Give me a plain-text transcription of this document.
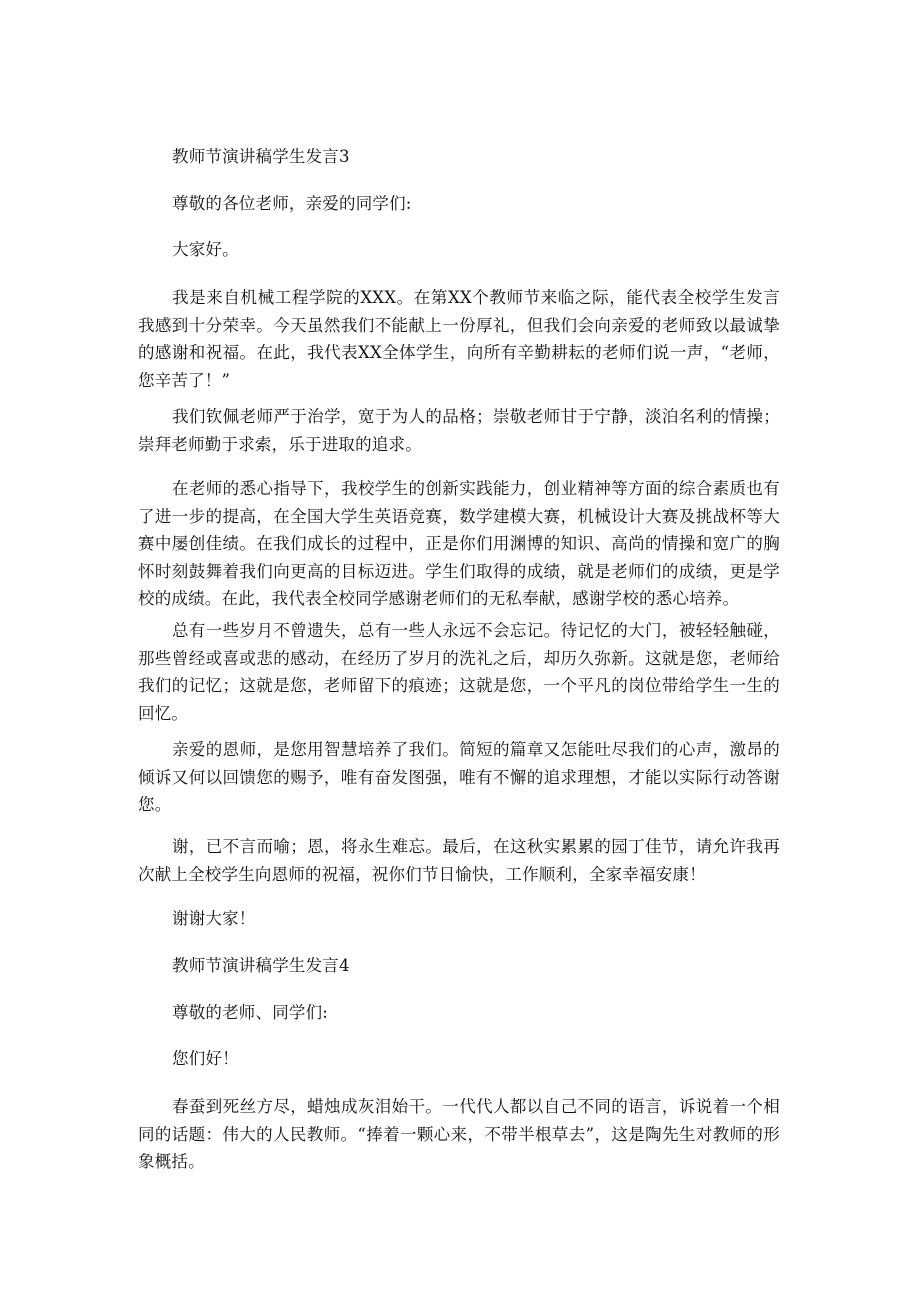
教师节演讲稿学生发言3

尊敬的各位老师，亲爱的同学们:

大家好。

我是来自机械工程学院的XXX。在第XX个教师节来临之际，能代表全校学生发言我感到十分荣幸。今天虽然我们不能献上一份厚礼，但我们会向亲爱的老师致以最诚挚的感谢和祝福。在此，我代表XX全体学生，向所有辛勤耕耘的老师们说一声，“老师，您辛苦了！”

我们钦佩老师严于治学，宽于为人的品格；崇敬老师甘于宁静，淡泊名利的情操；崇拜老师勤于求索，乐于进取的追求。

在老师的悉心指导下，我校学生的创新实践能力，创业精神等方面的综合素质也有了进一步的提高，在全国大学生英语竞赛，数学建模大赛，机械设计大赛及挑战杯等大赛中屡创佳绩。在我们成长的过程中，正是你们用渊博的知识、高尚的情操和宽广的胸怀时刻鼓舞着我们向更高的目标迈进。学生们取得的成绩，就是老师们的成绩，更是学校的成绩。在此，我代表全校同学感谢老师们的无私奉献，感谢学校的悉心培养。

总有一些岁月不曾遗失，总有一些人永远不会忘记。待记忆的大门，被轻轻触碰，那些曾经或喜或悲的感动，在经历了岁月的洗礼之后，却历久弥新。这就是您，老师给我们的记忆；这就是您，老师留下的痕迹；这就是您，一个平凡的岗位带给学生一生的回忆。

亲爱的恩师，是您用智慧培养了我们。简短的篇章又怎能吐尽我们的心声，激昂的倾诉又何以回馈您的赐予，唯有奋发图强，唯有不懈的追求理想，才能以实际行动答谢您。

谢，已不言而喻；恩，将永生难忘。最后，在这秋实累累的园丁佳节，请允许我再次献上全校学生向恩师的祝福，祝你们节日愉快，工作顺利，全家幸福安康！

谢谢大家！

教师节演讲稿学生发言4

尊敬的老师、同学们:

您们好！

春蚕到死丝方尽，蜡烛成灰泪始干。一代代人都以自己不同的语言，诉说着一个相同的话题：伟大的人民教师。“捧着一颗心来，不带半根草去”，这是陶先生对教师的形象概括。
